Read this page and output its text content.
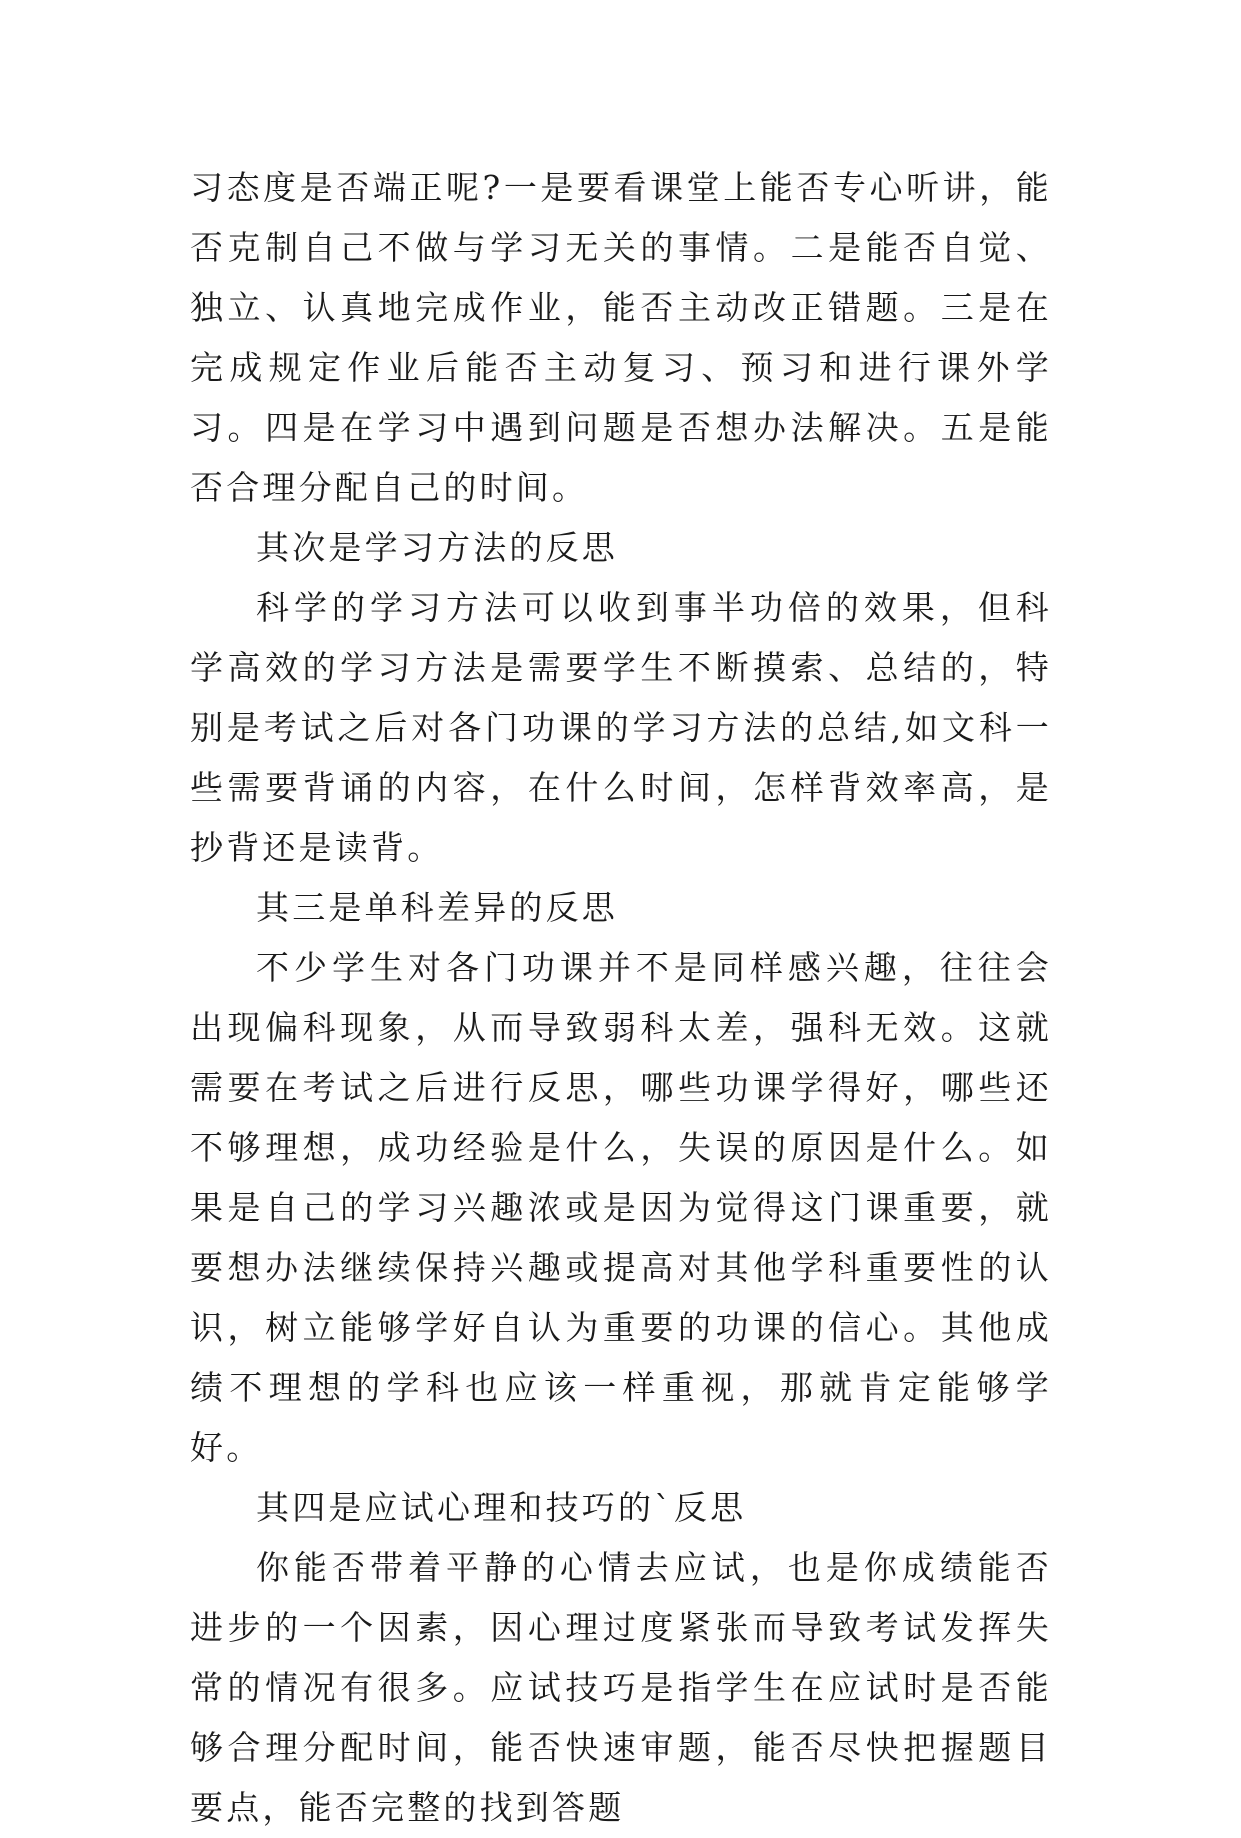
习态度是否端正呢?一是要看课堂上能否专心听讲，能否克制自己不做与学习无关的事情。二是能否自觉、独立、认真地完成作业，能否主动改正错题。三是在完成规定作业后能否主动复习、预习和进行课外学习。四是在学习中遇到问题是否想办法解决。五是能否合理分配自己的时间。

其次是学习方法的反思

科学的学习方法可以收到事半功倍的效果，但科学高效的学习方法是需要学生不断摸索、总结的，特别是考试之后对各门功课的学习方法的总结,如文科一些需要背诵的内容，在什么时间，怎样背效率高，是抄背还是读背。

其三是单科差异的反思

不少学生对各门功课并不是同样感兴趣，往往会出现偏科现象，从而导致弱科太差，强科无效。这就需要在考试之后进行反思，哪些功课学得好，哪些还不够理想，成功经验是什么，失误的原因是什么。如果是自己的学习兴趣浓或是因为觉得这门课重要，就要想办法继续保持兴趣或提高对其他学科重要性的认识，树立能够学好自认为重要的功课的信心。其他成绩不理想的学科也应该一样重视，那就肯定能够学好。

其四是应试心理和技巧的`反思

你能否带着平静的心情去应试，也是你成绩能否进步的一个因素，因心理过度紧张而导致考试发挥失常的情况有很多。应试技巧是指学生在应试时是否能够合理分配时间，能否快速审题，能否尽快把握题目要点，能否完整的找到答题
